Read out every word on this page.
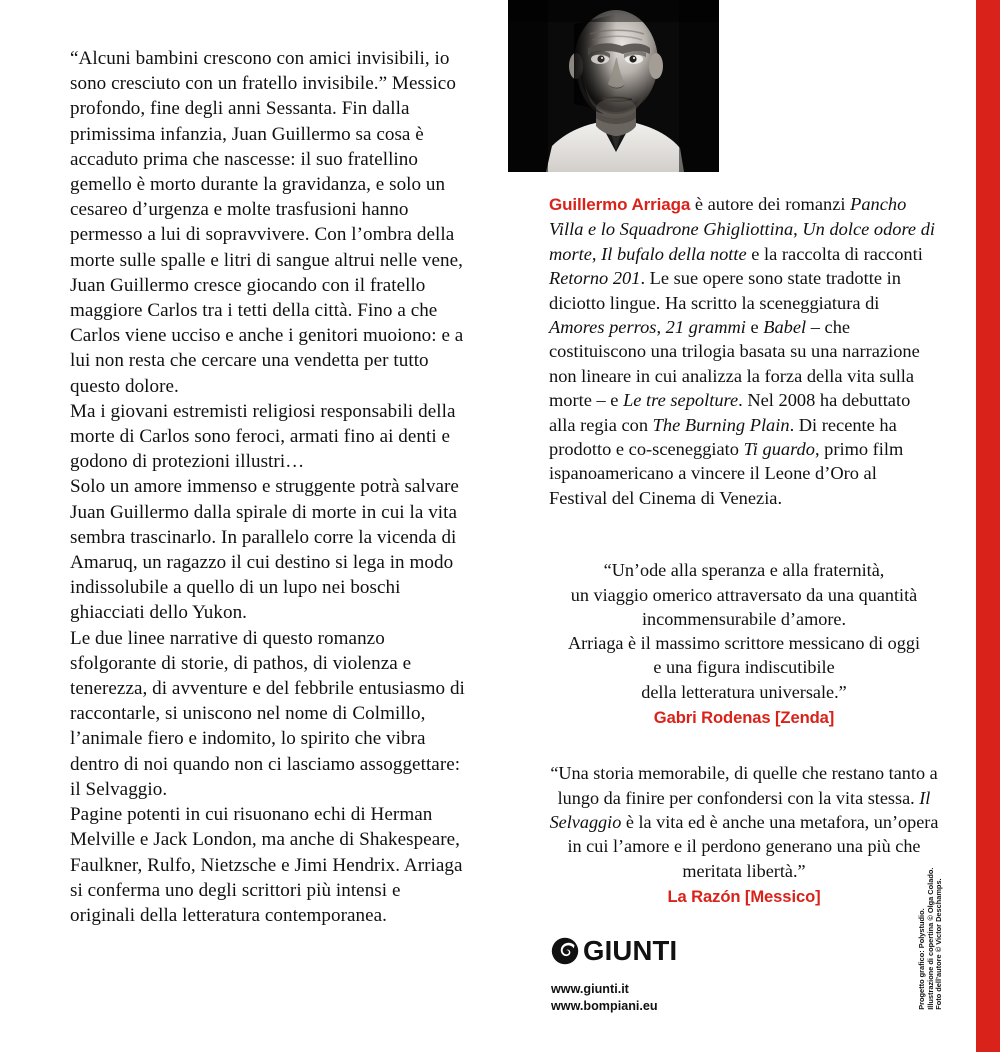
“Alcuni bambini crescono con amici invisibili, io sono cresciuto con un fratello invisibile.” Messico profondo, fine degli anni Sessanta. Fin dalla primissima infanzia, Juan Guillermo sa cosa è accaduto prima che nascesse: il suo fratellino gemello è morto durante la gravidanza, e solo un cesareo d’urgenza e molte trasfusioni hanno permesso a lui di sopravvivere. Con l’ombra della morte sulle spalle e litri di sangue altrui nelle vene, Juan Guillermo cresce giocando con il fratello maggiore Carlos tra i tetti della città. Fino a che Carlos viene ucciso e anche i genitori muoiono: e a lui non resta che cercare una vendetta per tutto questo dolore.

Ma i giovani estremisti religiosi responsabili della morte di Carlos sono feroci, armati fino ai denti e godono di protezioni illustri…

Solo un amore immenso e struggente potrà salvare Juan Guillermo dalla spirale di morte in cui la vita sembra trascinarlo. In parallelo corre la vicenda di Amaruq, un ragazzo il cui destino si lega in modo indissolubile a quello di un lupo nei boschi ghiacciati dello Yukon.

Le due linee narrative di questo romanzo sfolgorante di storie, di pathos, di violenza e tenerezza, di avventure e del febbrile entusiasmo di raccontarle, si uniscono nel nome di Colmillo, l’animale fiero e indomito, lo spirito che vibra dentro di noi quando non ci lasciamo assoggettare: il Selvaggio.

Pagine potenti in cui risuonano echi di Herman Melville e Jack London, ma anche di Shakespeare, Faulkner, Rulfo, Nietzsche e Jimi Hendrix. Arriaga si conferma uno degli scrittori più intensi e originali della letteratura contemporanea.

Guillermo Arriaga è autore dei romanzi Pancho Villa e lo Squadrone Ghigliottina, Un dolce odore di morte, Il bufalo della notte e la raccolta di racconti Retorno 201. Le sue opere sono state tradotte in diciotto lingue. Ha scritto la sceneggiatura di Amores perros, 21 grammi e Babel – che costituiscono una trilogia basata su una narrazione non lineare in cui analizza la forza della vita sulla morte – e Le tre sepolture. Nel 2008 ha debuttato alla regia con The Burning Plain. Di recente ha prodotto e co-sceneggiato Ti guardo, primo film ispanoamericano a vincere il Leone d’Oro al Festival del Cinema di Venezia.
“Un’ode alla speranza e alla fraternità,
un viaggio omerico attraversato da una quantità
incommensurabile d’amore.
Arriaga è il massimo scrittore messicano di oggi
e una figura indiscutibile
della letteratura universale.”
Gabri Rodenas [Zenda]
“Una storia memorabile, di quelle che restano tanto a lungo da finire per confondersi con la vita stessa. Il Selvaggio è la vita ed è anche una metafora, un’opera in cui l’amore e il perdono generano una più che meritata libertà.”
La Razón [Messico]
GIUNTI
www.giunti.it
www.bompiani.eu	Progetto grafico: Polystudio. Illustrazione di copertina © Olga Colado. Foto dell’autore © Victor Deschamps.
